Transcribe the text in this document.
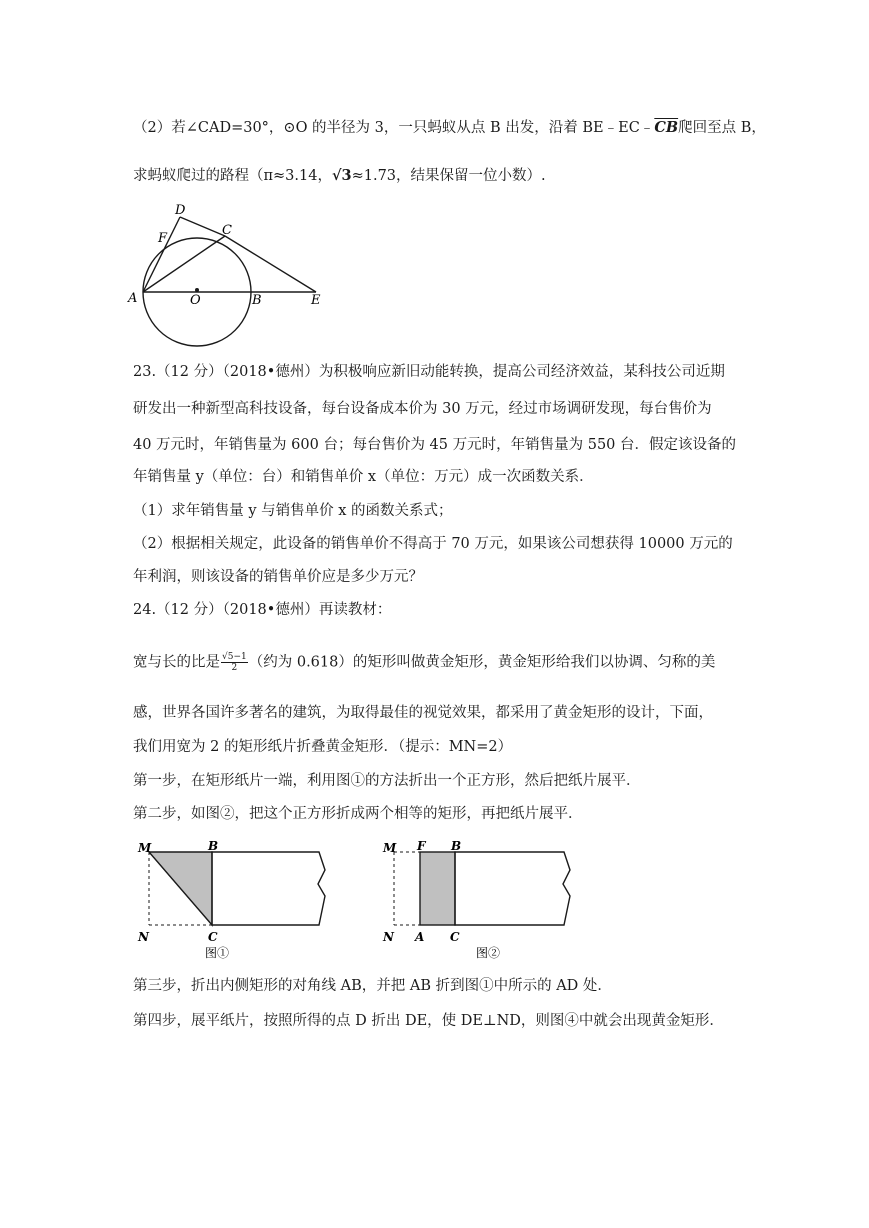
（2）若∠CAD=30°，⊙O 的半径为 3，一只蚂蚁从点 B 出发，沿着 $BE﹣EC﹣\overline{CB}$爬回至点 B，
求蚂蚁爬过的路程（π≈3.14，√3≈1.73，结果保留一位小数）.
D
F
C
A	O	B	E
23.（12 分）（2018•德州）为积极响应新旧动能转换，提高公司经济效益，某科技公司近期
研发出一种新型高科技设备，每台设备成本价为 30 万元，经过市场调研发现，每台售价为
40 万元时，年销售量为 600 台；每台售价为 45 万元时，年销售量为 550 台．假定该设备的
年销售量 y（单位：台）和销售单价 x（单位：万元）成一次函数关系．
（1）求年销售量 y 与销售单价 x 的函数关系式；
（2）根据相关规定，此设备的销售单价不得高于 70 万元，如果该公司想获得 10000 万元的
年利润，则该设备的销售单价应是多少万元？
24.（12 分）（2018•德州）再读教材：
宽与长的比是 $\frac{√5-1}{2}$ （约为 0.618）的矩形叫做黄金矩形，黄金矩形给我们以协调、匀称的美
感，世界各国许多著名的建筑，为取得最佳的视觉效果，都采用了黄金矩形的设计，下面，
我们用宽为 2 的矩形纸片折叠黄金矩形．（提示：MN=2）
第一步，在矩形纸片一端，利用图①的方法折出一个正方形，然后把纸片展平．
第二步，如图②，把这个正方形折成两个相等的矩形，再把纸片展平．
M	B
N	C
图①
M F B
N A C
图②
第三步，折出内侧矩形的对角线 AB，并把 AB 折到图①中所示的 AD 处．
第四步，展平纸片，按照所得的点 D 折出 DE，使 DE⊥ND，则图④中就会出现黄金矩形．
